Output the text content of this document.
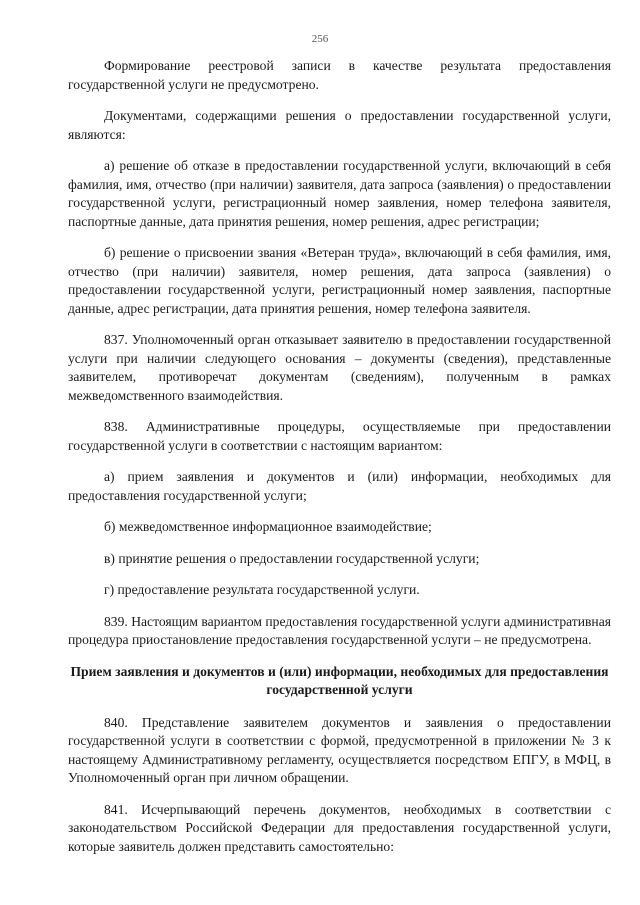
256

Формирование реестровой записи в качестве результата предоставления государственной услуги не предусмотрено.

Документами, содержащими решения о предоставлении государственной услуги, являются:

а) решение об отказе в предоставлении государственной услуги, включающий в себя фамилия, имя, отчество (при наличии) заявителя, дата запроса (заявления) о предоставлении государственной услуги, регистрационный номер заявления, номер телефона заявителя, паспортные данные, дата принятия решения, номер решения, адрес регистрации;

б) решение о присвоении звания «Ветеран труда», включающий в себя фамилия, имя, отчество (при наличии) заявителя, номер решения, дата запроса (заявления) о предоставлении государственной услуги, регистрационный номер заявления, паспортные данные, адрес регистрации, дата принятия решения, номер телефона заявителя.

837. Уполномоченный орган отказывает заявителю в предоставлении государственной услуги при наличии следующего основания – документы (сведения), представленные заявителем, противоречат документам (сведениям), полученным в рамках межведомственного взаимодействия.

838. Административные процедуры, осуществляемые при предоставлении государственной услуги в соответствии с настоящим вариантом:

а) прием заявления и документов и (или) информации, необходимых для предоставления государственной услуги;

б) межведомственное информационное взаимодействие;

в) принятие решения о предоставлении государственной услуги;

г) предоставление результата государственной услуги.

839. Настоящим вариантом предоставления государственной услуги административная процедура приостановление предоставления государственной услуги – не предусмотрена.

Прием заявления и документов и (или) информации, необходимых для предоставления государственной услуги

840. Представление заявителем документов и заявления о предоставлении государственной услуги в соответствии с формой, предусмотренной в приложении № 3 к настоящему Административному регламенту, осуществляется посредством ЕПГУ, в МФЦ, в Уполномоченный орган при личном обращении.

841. Исчерпывающий перечень документов, необходимых в соответствии с законодательством Российской Федерации для предоставления государственной услуги, которые заявитель должен представить самостоятельно:
